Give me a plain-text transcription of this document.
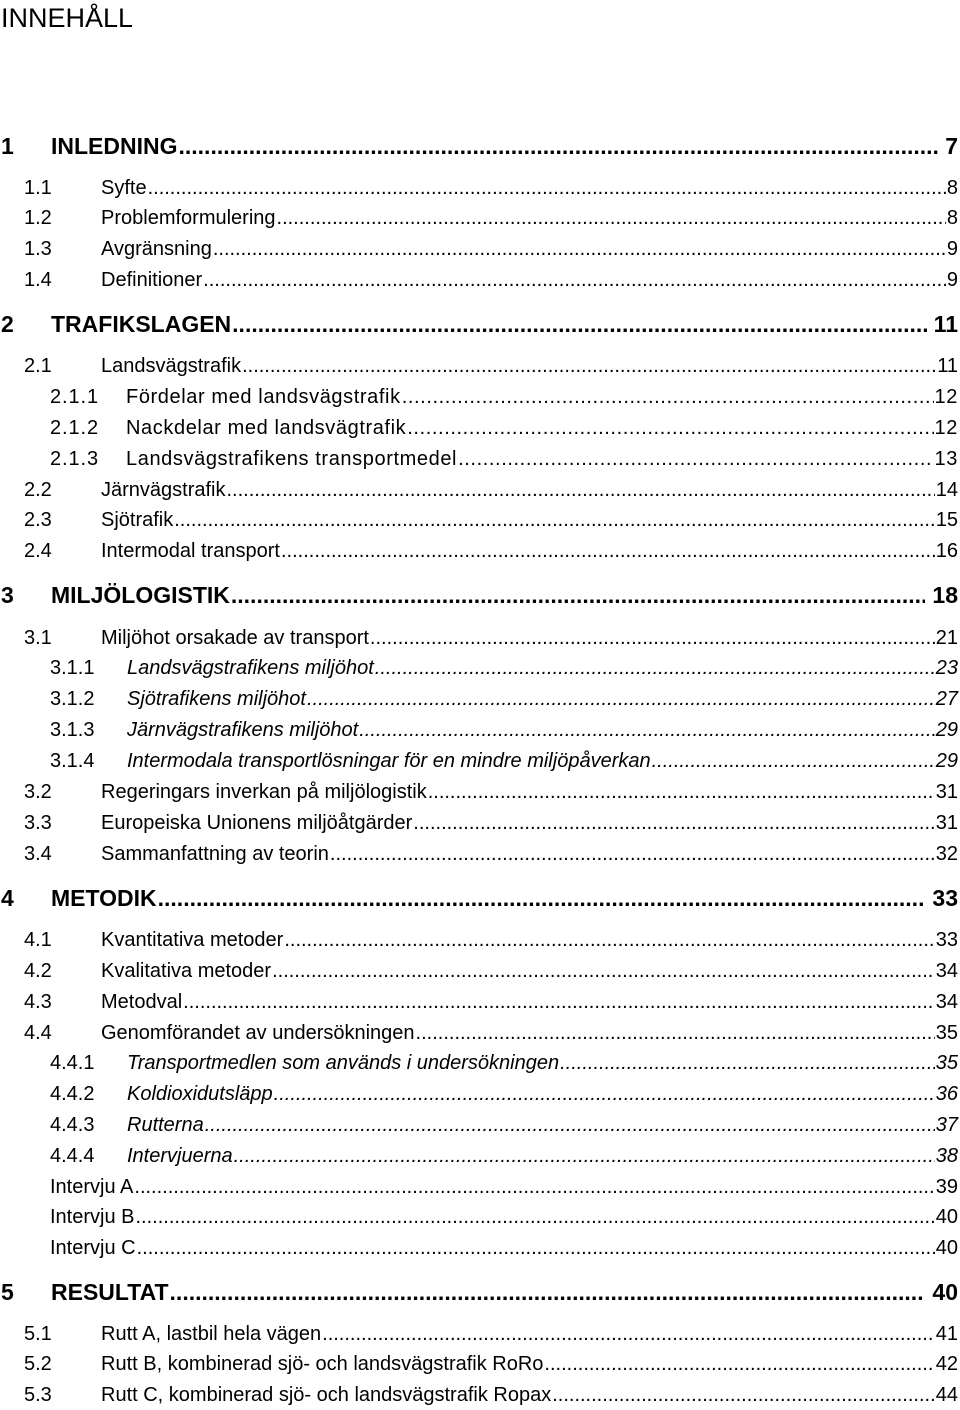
INNEHÅLL
1	INLEDNING .....	7
1.1	Syfte .....	8
1.2	Problemformulering .....	8
1.3	Avgränsning .....	9
1.4	Definitioner .....	9
2	TRAFIKSLAGEN .....	11
2.1	Landsvägstrafik .....	11
2.1.1	Fördelar med landsvägstrafik .....	12
2.1.2	Nackdelar med landsvägtrafik .....	12
2.1.3	Landsvägstrafikens transportmedel .....	13
2.2	Järnvägstrafik .....	14
2.3	Sjötrafik .....	15
2.4	Intermodal transport .....	16
3	MILJÖLOGISTIK .....	18
3.1	Miljöhot orsakade av transport .....	21
3.1.1	Landsvägstrafikens miljöhot .....	23
3.1.2	Sjötrafikens miljöhot .....	27
3.1.3	Järnvägstrafikens miljöhot .....	29
3.1.4	Intermodala transportlösningar för en mindre miljöpåverkan .....	29
3.2	Regeringars inverkan på miljölogistik .....	31
3.3	Europeiska Unionens miljöåtgärder .....	31
3.4	Sammanfattning av teorin .....	32
4	METODIK .....	33
4.1	Kvantitativa metoder .....	33
4.2	Kvalitativa metoder .....	34
4.3	Metodval .....	34
4.4	Genomförandet av undersökningen .....	35
4.4.1	Transportmedlen som används i undersökningen .....	35
4.4.2	Koldioxidutsläpp .....	36
4.4.3	Rutterna .....	37
4.4.4	Intervjuerna .....	38
Intervju A .....	39
Intervju B .....	40
Intervju C .....	40
5	RESULTAT .....	40
5.1	Rutt A, lastbil hela vägen .....	41
5.2	Rutt B, kombinerad sjö- och landsvägstrafik RoRo .....	42
5.3	Rutt C, kombinerad sjö- och landsvägstrafik Ropax .....	44
